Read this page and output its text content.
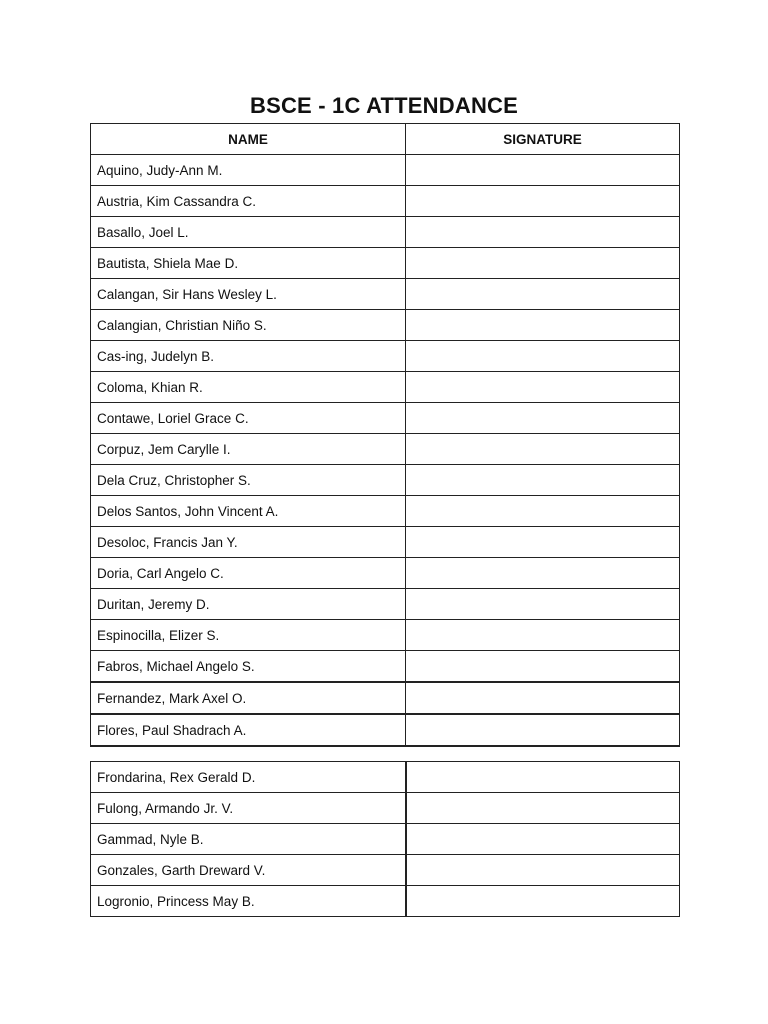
BSCE - 1C ATTENDANCE
NAME	SIGNATURE
Aquino, Judy-Ann M.	
Austria, Kim Cassandra C.	
Basallo, Joel L.	
Bautista, Shiela Mae D.	
Calangan, Sir Hans Wesley L.	
Calangian, Christian Niño S.	
Cas-ing, Judelyn B.	
Coloma, Khian R.	
Contawe, Loriel Grace C.	
Corpuz, Jem Carylle I.	
Dela Cruz, Christopher S.	
Delos Santos, John Vincent A.	
Desoloc, Francis Jan Y.	
Doria, Carl Angelo C.	
Duritan, Jeremy D.	
Espinocilla, Elizer S.	
Fabros, Michael Angelo S.	
Fernandez, Mark Axel O.	
Flores, Paul Shadrach A.	
Frondarina, Rex Gerald D.	
Fulong, Armando Jr. V.	
Gammad, Nyle B.	
Gonzales, Garth Dreward V.	
Logronio, Princess May B.	
